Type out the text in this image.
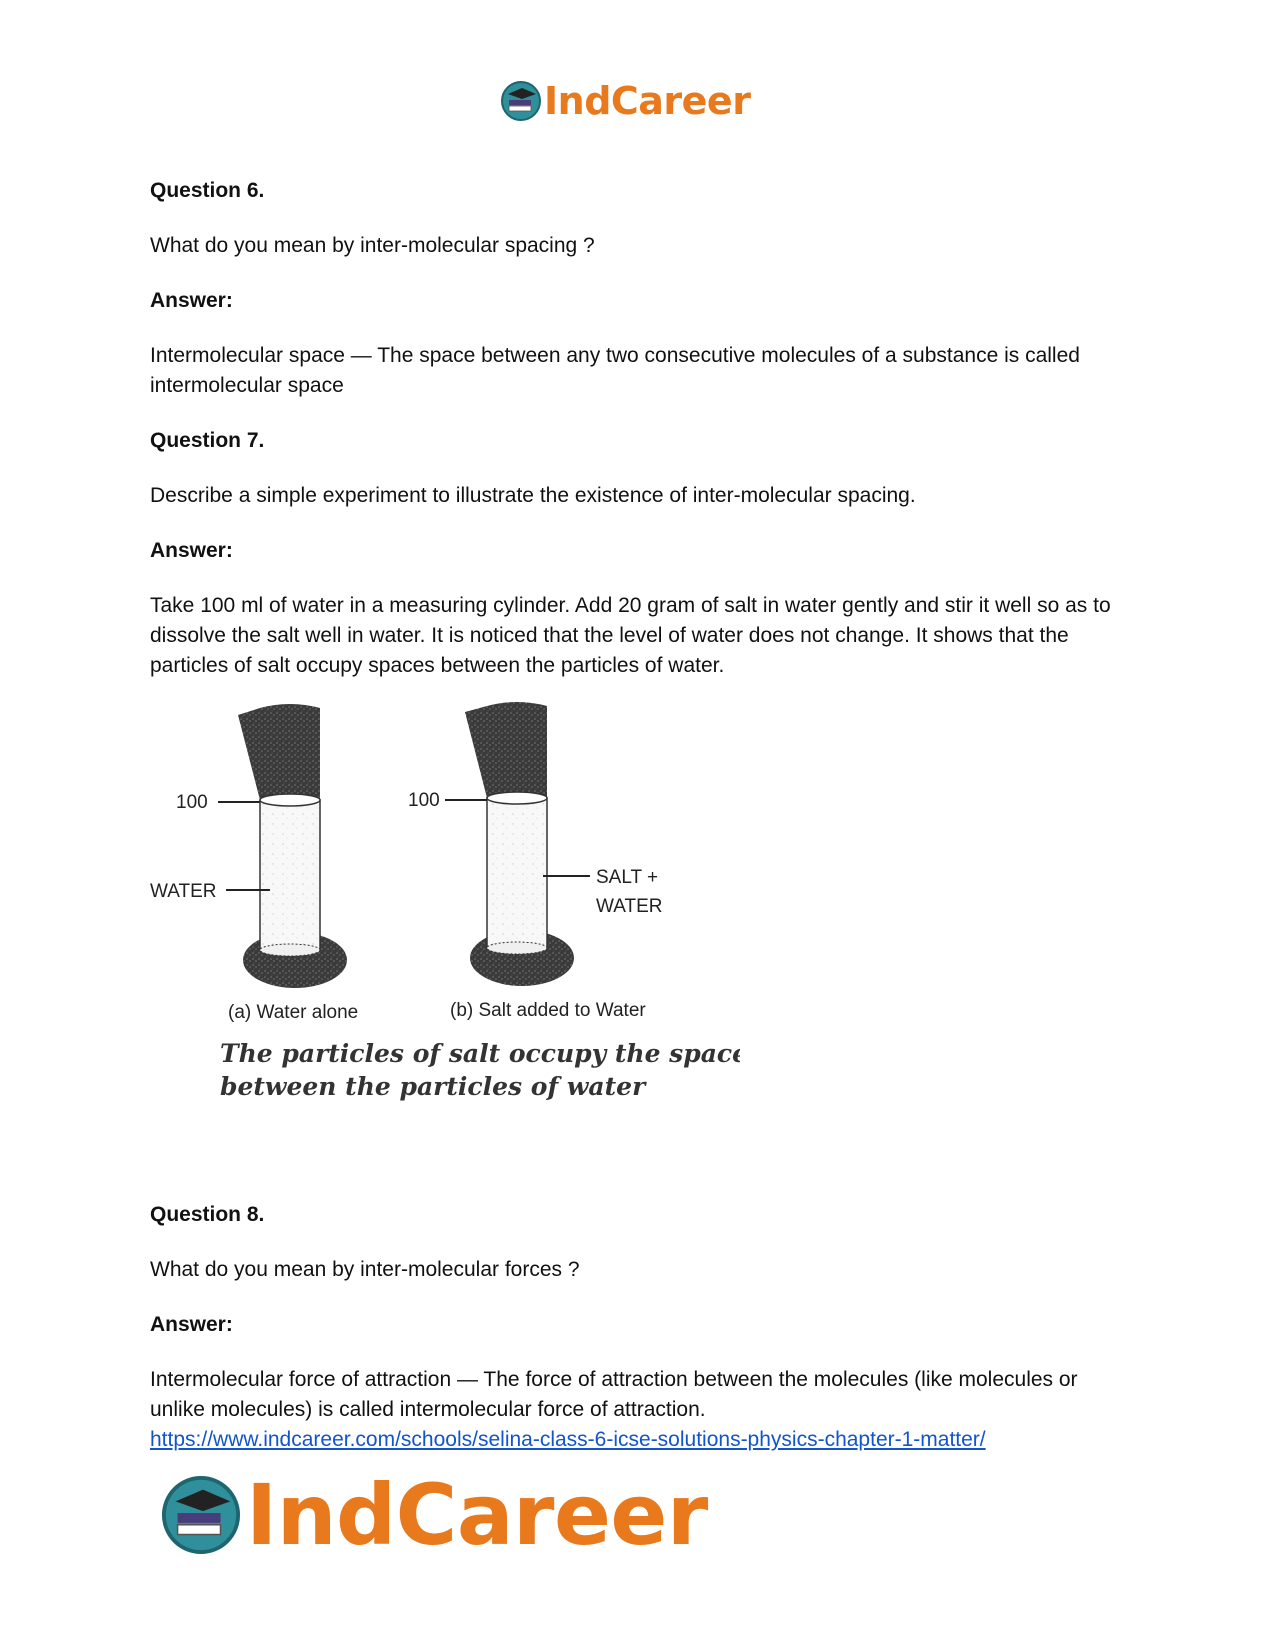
IndCareer
Question 6.
What do you mean by inter-molecular spacing ?
Answer:
Intermolecular space — The space between any two consecutive molecules of a substance is called intermolecular space
Question 7.
Describe a simple experiment to illustrate the existence of inter-molecular spacing.
Answer:
Take 100 ml of water in a measuring cylinder. Add 20 gram of salt in water gently and stir it well so as to dissolve the salt well in water. It is noticed that the level of water does not change. It shows that the particles of salt occupy spaces between the particles of water.
100
WATER
100
SALT +
WATER
(a) Water alone	(b) Salt added to Water
The particles of salt occupy the spaces
between the particles of water
Question 8.
What do you mean by inter-molecular forces ?
Answer:
Intermolecular force of attraction — The force of attraction between the molecules (like molecules or unlike molecules) is called intermolecular force of attraction.
https://www.indcareer.com/schools/selina-class-6-icse-solutions-physics-chapter-1-matter/
IndCareer
